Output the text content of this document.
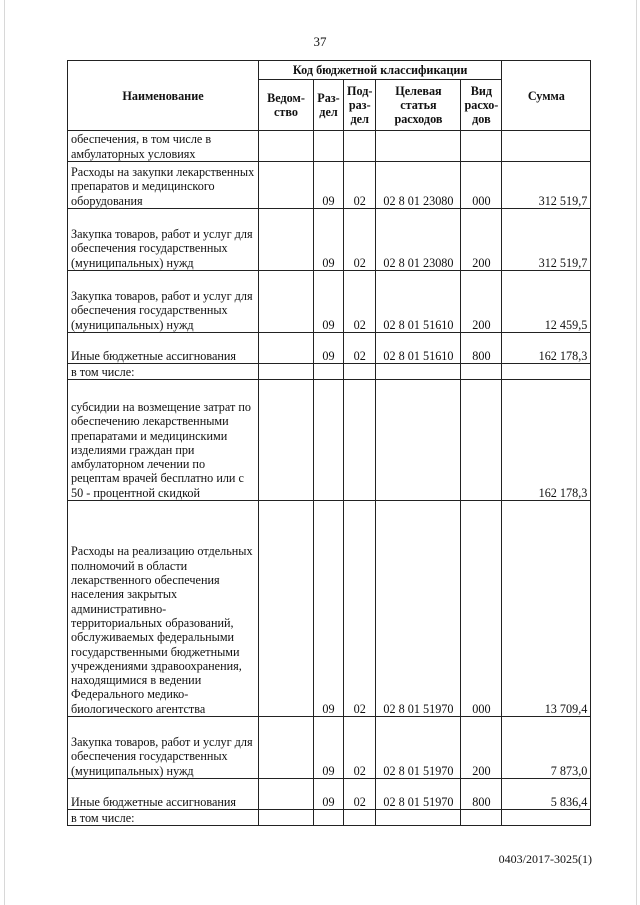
37
Наименование	Код бюджетной классификации					Сумма
	Ведом-ство	Раз-дел	Под-раз-дел	Целевая статья расходов	Вид расхо-дов	
обеспечения, в том числе в амбулаторных условиях						
Расходы на закупки лекарственных препаратов и медицинского оборудования		09	02	02 8 01 23080	000	312 519,7
Закупка товаров, работ и услуг для обеспечения государственных (муниципальных) нужд		09	02	02 8 01 23080	200	312 519,7
Закупка товаров, работ и услуг для обеспечения государственных (муниципальных) нужд		09	02	02 8 01 51610	200	12 459,5
Иные бюджетные ассигнования		09	02	02 8 01 51610	800	162 178,3
в том числе:						
субсидии на возмещение затрат по обеспечению лекарственными препаратами и медицинскими изделиями граждан при амбулаторном лечении по рецептам врачей бесплатно или с 50 - процентной скидкой						162 178,3
Расходы на реализацию отдельных полномочий в области лекарственного обеспечения населения закрытых административно-территориальных образований, обслуживаемых федеральными государственными бюджетными учреждениями здравоохранения, находящимися в ведении Федерального медико-биологического агентства		09	02	02 8 01 51970	000	13 709,4
Закупка товаров, работ и услуг для обеспечения государственных (муниципальных) нужд		09	02	02 8 01 51970	200	7 873,0
Иные бюджетные ассигнования		09	02	02 8 01 51970	800	5 836,4
в том числе:						
0403/2017-3025(1)
